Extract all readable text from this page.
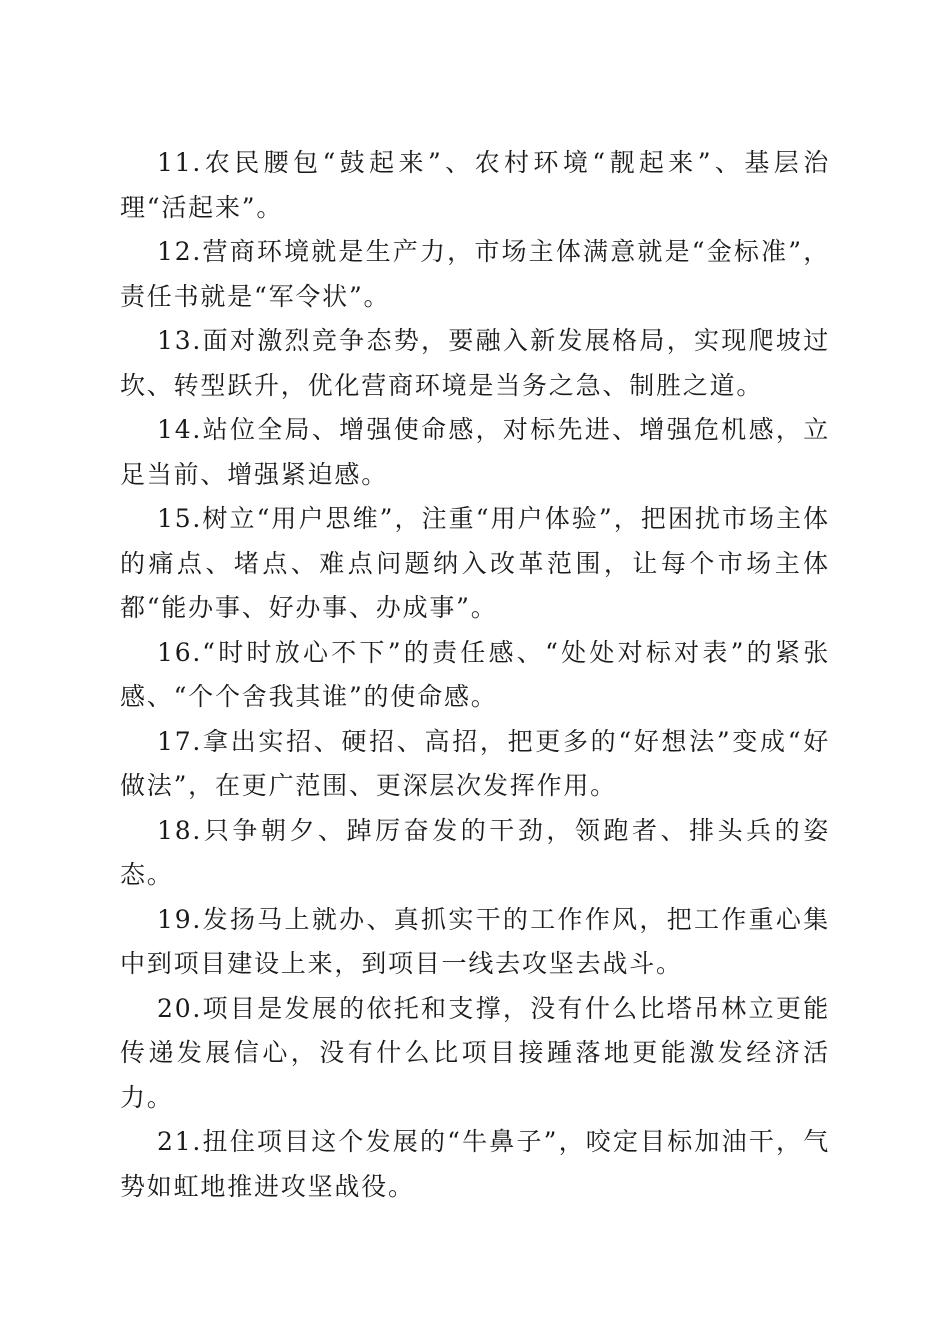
11.农民腰包“鼓起来”、农村环境“靓起来”、基层治理“活起来”。

12.营商环境就是生产力，市场主体满意就是“金标准”，责任书就是“军令状”。

13.面对激烈竞争态势，要融入新发展格局，实现爬坡过坎、转型跃升，优化营商环境是当务之急、制胜之道。

14.站位全局、增强使命感，对标先进、增强危机感，立足当前、增强紧迫感。

15.树立“用户思维”，注重“用户体验”，把困扰市场主体的痛点、堵点、难点问题纳入改革范围，让每个市场主体都“能办事、好办事、办成事”。

16.“时时放心不下”的责任感、“处处对标对表”的紧张感、“个个舍我其谁”的使命感。

17.拿出实招、硬招、高招，把更多的“好想法”变成“好做法”，在更广范围、更深层次发挥作用。

18.只争朝夕、踔厉奋发的干劲，领跑者、排头兵的姿态。

19.发扬马上就办、真抓实干的工作作风，把工作重心集中到项目建设上来，到项目一线去攻坚去战斗。

20.项目是发展的依托和支撑，没有什么比塔吊林立更能传递发展信心，没有什么比项目接踵落地更能激发经济活力。

21.扭住项目这个发展的“牛鼻子”，咬定目标加油干，气势如虹地推进攻坚战役。
